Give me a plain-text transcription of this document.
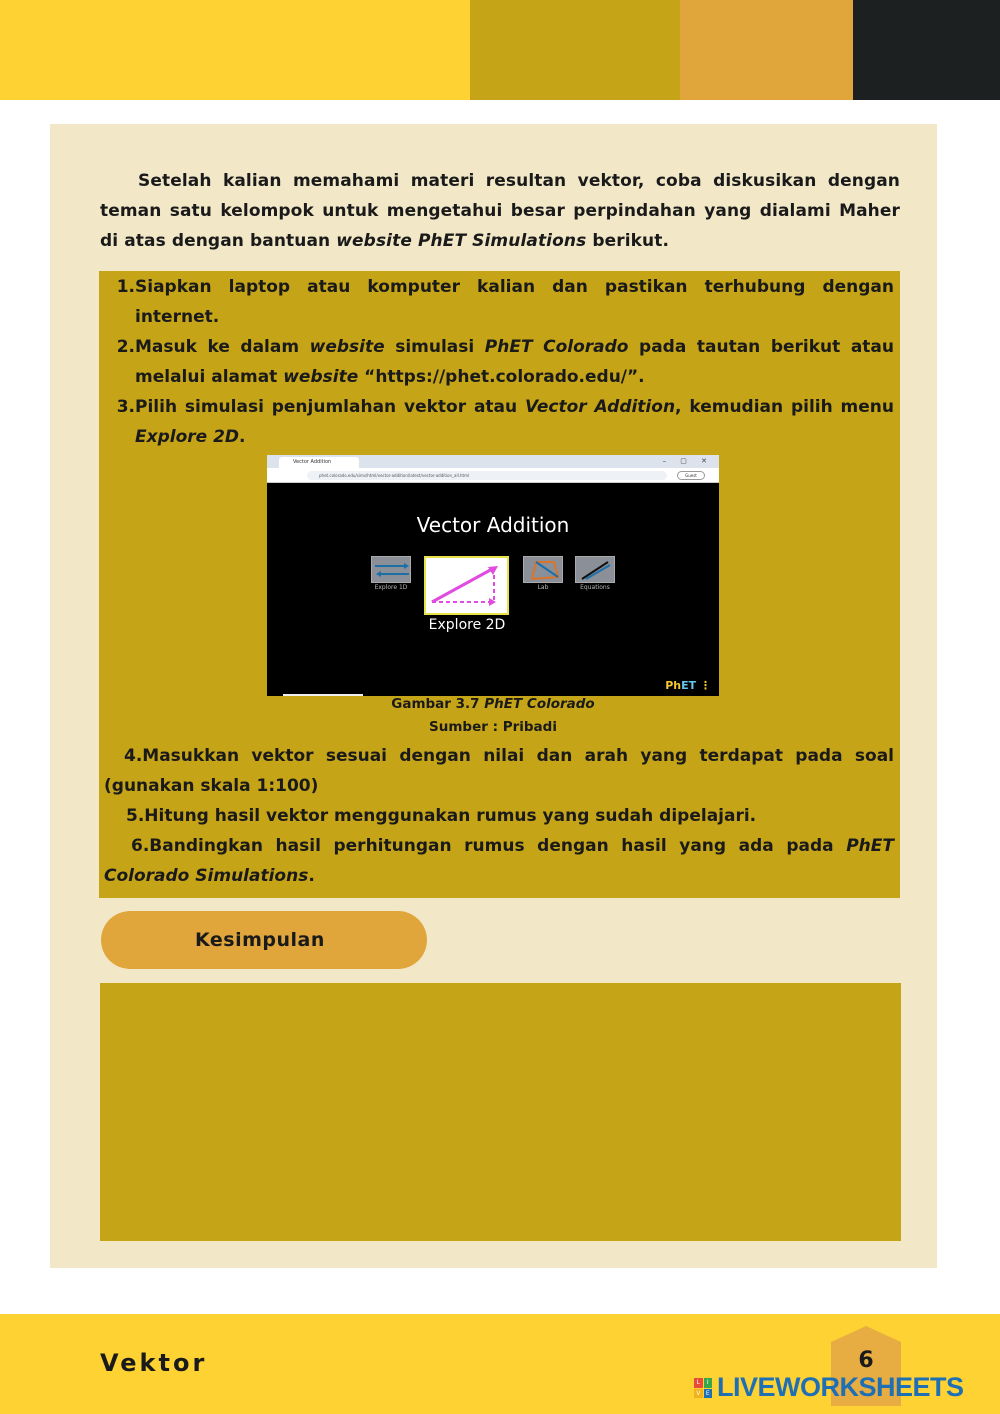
Setelah kalian memahami materi resultan vektor, coba diskusikan dengan teman satu kelompok untuk mengetahui besar perpindahan yang dialami Maher di atas dengan bantuan website PhET Simulations berikut.

1. Siapkan laptop atau komputer kalian dan pastikan terhubung dengan internet.
2. Masuk ke dalam website simulasi PhET Colorado pada tautan berikut atau melalui alamat website “https://phet.colorado.edu/”.
3. Pilih simulasi penjumlahan vektor atau Vector Addition, kemudian pilih menu Explore 2D.
Vector Addition	– ▢ ✕
phet.colorado.edu/sims/html/vector-addition/latest/vector-addition_all.html	Guest
Vector Addition
Explore 1D
Explore 2D
Lab	Equations
PhET ⋮
Gambar 3.7 PhET Colorado
Sumber : Pribadi

4.Masukkan vektor sesuai dengan nilai dan arah yang terdapat pada soal (gunakan skala 1:100)

5.Hitung hasil vektor menggunakan rumus yang sudah dipelajari.

6.Bandingkan hasil perhitungan rumus dengan hasil yang ada pada PhET Colorado Simulations.

Kesimpulan
Vektor	6
L	I
V E LIVEWORKSHEETS
